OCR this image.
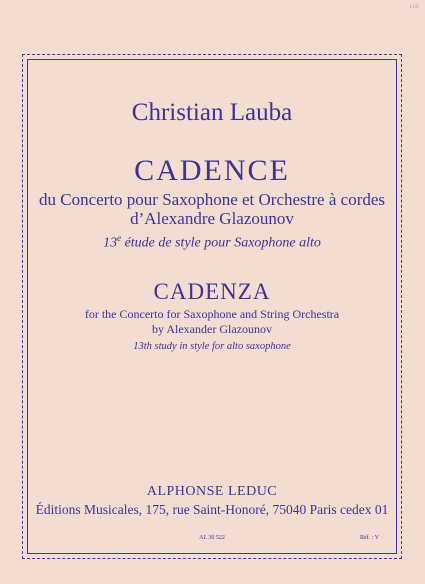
Lbk
Christian Lauba
CADENCE
du Concerto pour Saxophone et Orchestre à cordes
d’Alexandre Glazounov
13e étude de style pour Saxophone alto
CADENZA
for the Concerto for Saxophone and String Orchestra
by Alexander Glazounov
13th study in style for alto saxophone
ALPHONSE LEDUC
Éditions Musicales, 175, rue Saint-Honoré, 75040 Paris cedex 01
AL 30 522	Réf. : V
